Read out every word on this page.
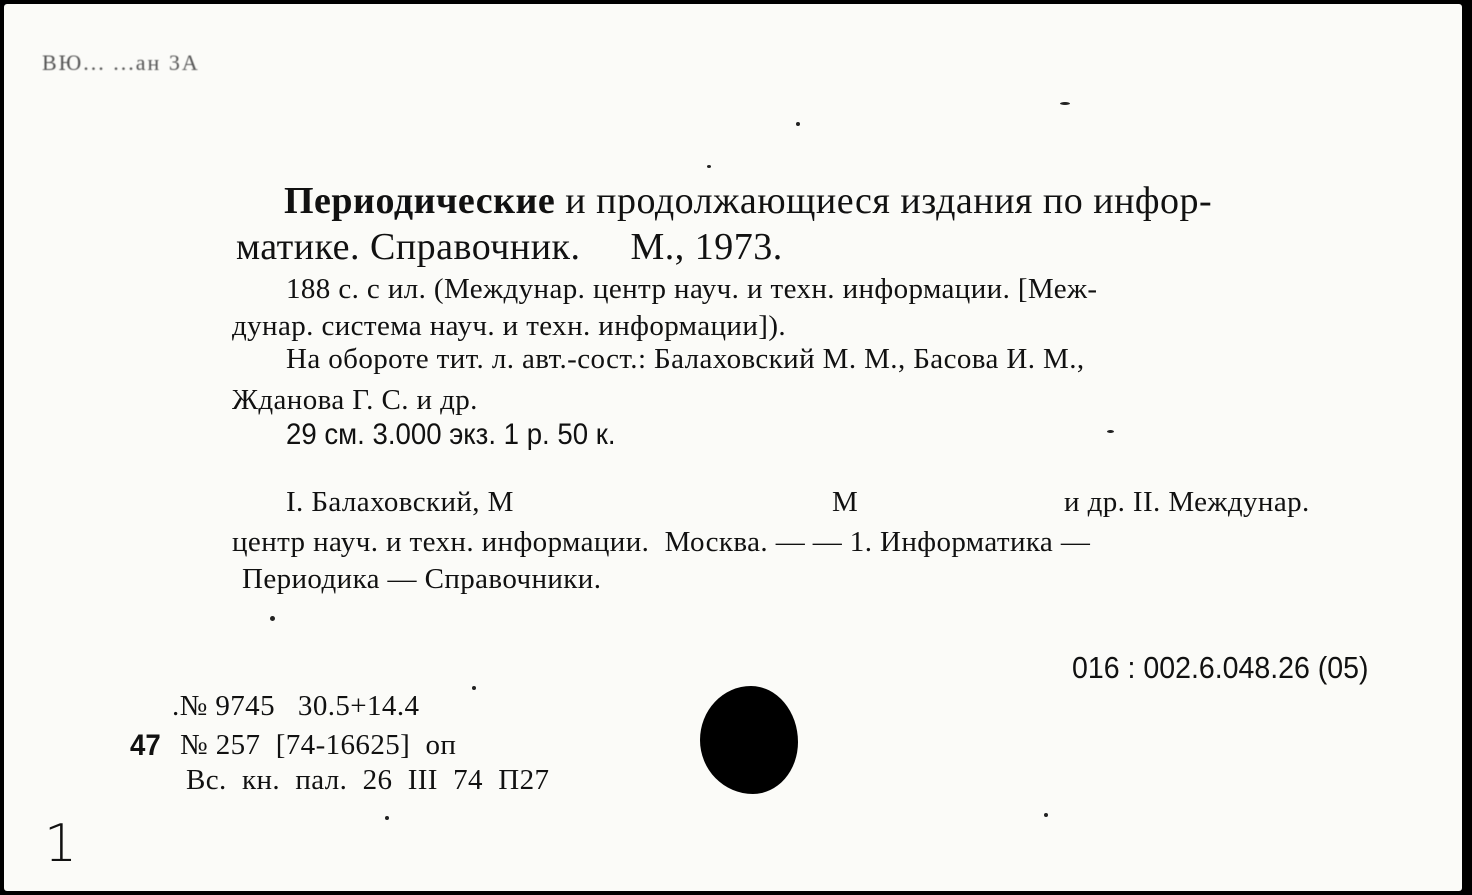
ВЮ... ...ан 3А
Периодические и продолжающиеся издания по инфор-
матике. Справочник.     М., 1973.
188 с. с ил. (Междунар. центр науч. и техн. информации. [Меж-
дунар. система науч. и техн. информации]).
На обороте тит. л. авт.-сост.: Балаховский М. М., Басова И. М.,
Жданова Г. С. и др.
29 см. 3.000 экз. 1 р. 50 к.
I. Балаховский, М	М	и др. II. Междунар.
центр науч. и техн. информации.  Москва. — — 1. Информатика —
Периодика — Справочники.
016 : 002.6.048.26 (05)
.№ 9745   30.5+14.4
47 № 257  [74-16625]  оп
Вс.  кн.  пал.  26  III  74  П27
1
